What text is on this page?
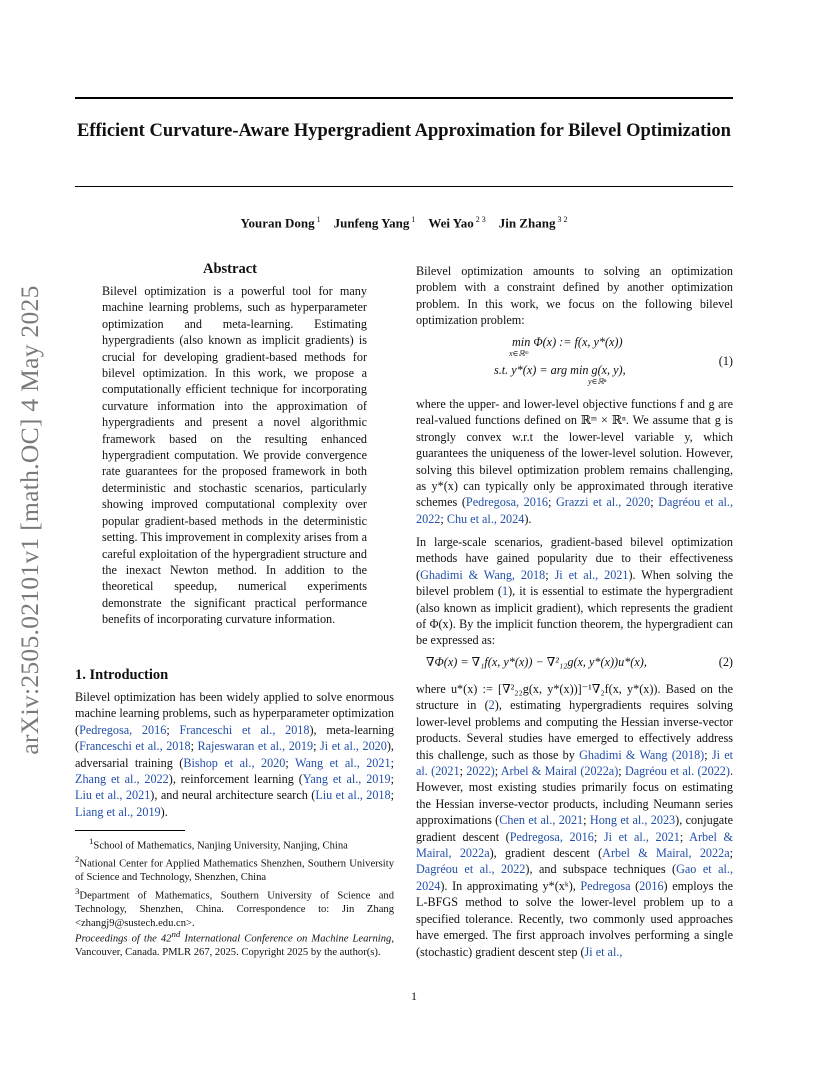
Efficient Curvature-Aware Hypergradient Approximation for Bilevel Optimization
Youran Dong $^1$  Junfeng Yang $^1$  Wei Yao $^{2 3}$  Jin Zhang $^{3 2}$
arXiv:2505.02101v1 [math.OC] 4 May 2025
Abstract
Bilevel optimization is a powerful tool for many machine learning problems, such as hyperparameter optimization and meta-learning. Estimating hypergradients (also known as implicit gradients) is crucial for developing gradient-based methods for bilevel optimization. In this work, we propose a computationally efficient technique for incorporating curvature information into the approximation of hypergradients and present a novel algorithmic framework based on the resulting enhanced hypergradient computation. We provide convergence rate guarantees for the proposed framework in both deterministic and stochastic scenarios, particularly showing improved computational complexity over popular gradient-based methods in the deterministic setting. This improvement in complexity arises from a careful exploitation of the hypergradient structure and the inexact Newton method. In addition to the theoretical speedup, numerical experiments demonstrate the significant practical performance benefits of incorporating curvature information.
1. Introduction
Bilevel optimization has been widely applied to solve enormous machine learning problems, such as hyperparameter optimization (Pedregosa, 2016; Franceschi et al., 2018), meta-learning (Franceschi et al., 2018; Rajeswaran et al., 2019; Ji et al., 2020), adversarial training (Bishop et al., 2020; Wang et al., 2021; Zhang et al., 2022), reinforcement learning (Yang et al., 2019; Liu et al., 2021), and neural architecture search (Liu et al., 2018; Liang et al., 2019).
$^1$School of Mathematics, Nanjing University, Nanjing, China
$^2$National Center for Applied Mathematics Shenzhen, Southern University of Science and Technology, Shenzhen, China
$^3$Department of Mathematics, Southern University of Science and Technology, Shenzhen, China. Correspondence to: Jin Zhang <zhangj9@sustech.edu.cn>.
Proceedings of the 42nd International Conference on Machine Learning, Vancouver, Canada. PMLR 267, 2025. Copyright 2025 by the author(s).
Bilevel optimization amounts to solving an optimization problem with a constraint defined by another optimization problem. In this work, we focus on the following bilevel optimization problem:
min Φ(x) := f(x, y*(x))
x∈ℝᵐ
s.t. y*(x) = arg min g(x, y),
y∈ℝⁿ
(1)
where the upper- and lower-level objective functions f and g are real-valued functions defined on ℝᵐ × ℝⁿ. We assume that g is strongly convex w.r.t the lower-level variable y, which guarantees the uniqueness of the lower-level solution. However, solving this bilevel optimization problem remains challenging, as y*(x) can typically only be approximated through iterative schemes (Pedregosa, 2016; Grazzi et al., 2020; Dagréou et al., 2022; Chu et al., 2024).
In large-scale scenarios, gradient-based bilevel optimization methods have gained popularity due to their effectiveness (Ghadimi & Wang, 2018; Ji et al., 2021). When solving the bilevel problem (1), it is essential to estimate the hypergradient (also known as implicit gradient), which represents the gradient of Φ(x). By the implicit function theorem, the hypergradient can be expressed as:
∇Φ(x) = ∇₁f(x, y*(x)) − ∇²₁₂g(x, y*(x))u*(x),	(2)
where u*(x) := [∇²₂₂g(x, y*(x))]⁻¹∇₂f(x, y*(x)). Based on the structure in (2), estimating hypergradients requires solving lower-level problems and computing the Hessian inverse-vector products. Several studies have emerged to effectively address this challenge, such as those by Ghadimi & Wang (2018); Ji et al. (2021; 2022); Arbel & Mairal (2022a); Dagréou et al. (2022). However, most existing studies primarily focus on estimating the Hessian inverse-vector products, including Neumann series approximations (Chen et al., 2021; Hong et al., 2023), conjugate gradient descent (Pedregosa, 2016; Ji et al., 2021; Arbel & Mairal, 2022a), gradient descent (Arbel & Mairal, 2022a; Dagréou et al., 2022), and subspace techniques (Gao et al., 2024). In approximating y*(xᵏ), Pedregosa (2016) employs the L-BFGS method to solve the lower-level problem up to a specified tolerance. Recently, two commonly used approaches have emerged. The first approach involves performing a single (stochastic) gradient descent step (Ji et al.,
1
